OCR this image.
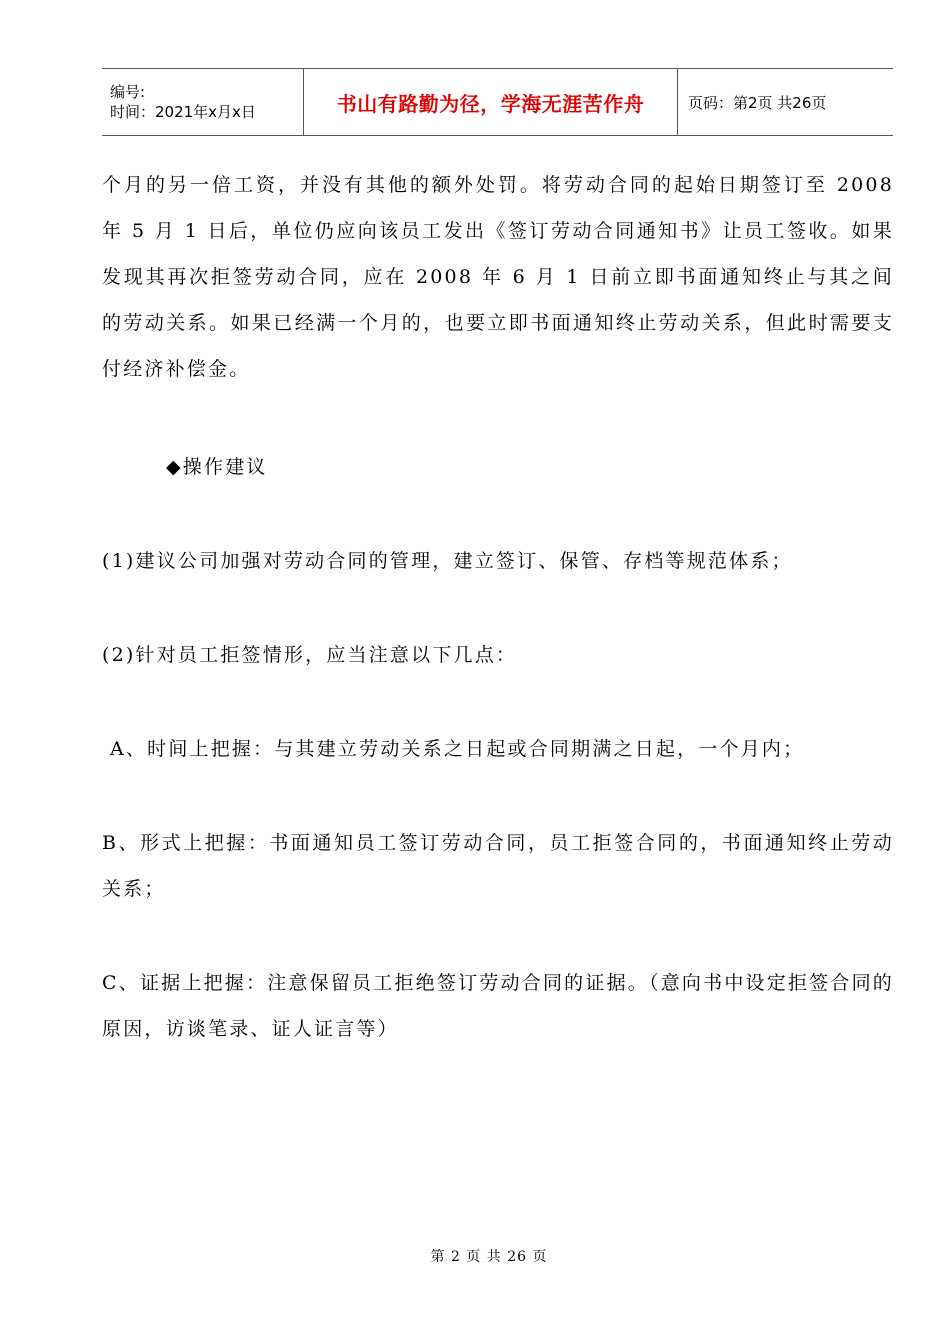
编号:
时间：2021年x月x日	书山有路勤为径，学海无涯苦作舟	页码：第2页 共26页

个月的另一倍工资，并没有其他的额外处罚。将劳动合同的起始日期签订至 2008 年 5 月 1 日后，单位仍应向该员工发出《签订劳动合同通知书》让员工签收。如果发现其再次拒签劳动合同，应在 2008 年 6 月 1 日前立即书面通知终止与其之间的劳动关系。如果已经满一个月的，也要立即书面通知终止劳动关系，但此时需要支付经济补偿金。

◆操作建议

(1)建议公司加强对劳动合同的管理，建立签订、保管、存档等规范体系；

(2)针对员工拒签情形，应当注意以下几点：

A、时间上把握：与其建立劳动关系之日起或合同期满之日起，一个月内；

B、形式上把握：书面通知员工签订劳动合同，员工拒签合同的，书面通知终止劳动关系；

C、证据上把握：注意保留员工拒绝签订劳动合同的证据。（意向书中设定拒签合同的原因，访谈笔录、证人证言等）

第 2 页 共 26 页
